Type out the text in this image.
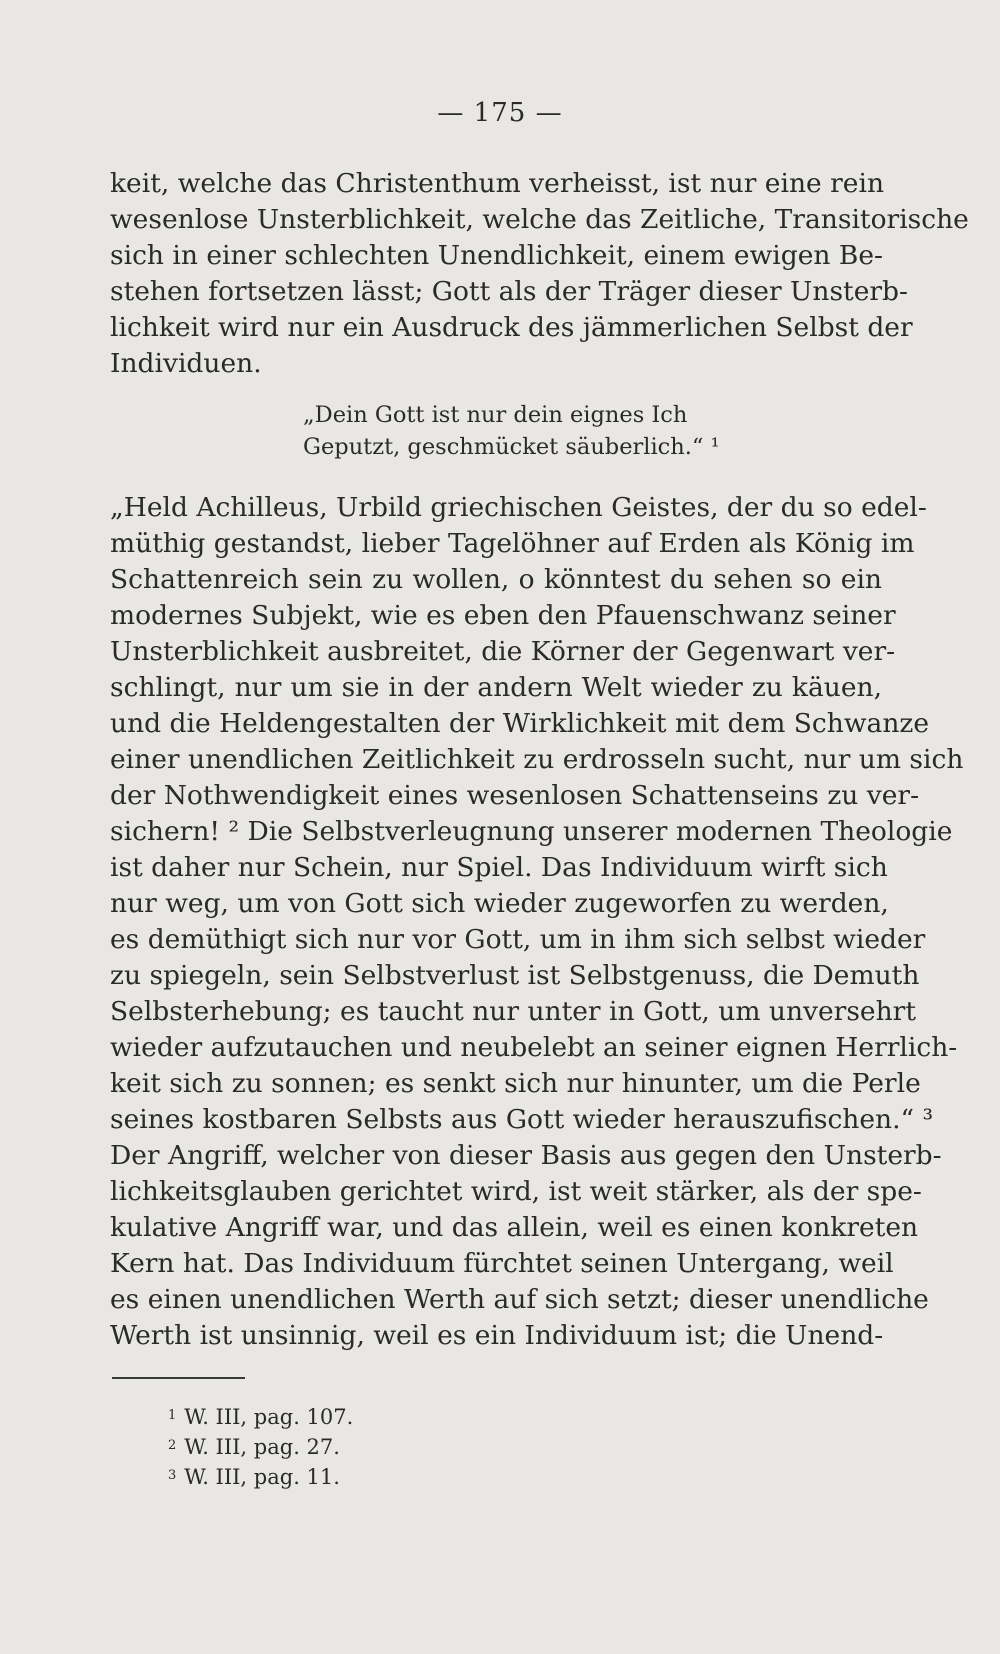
— 175 —
keit, welche das Christenthum verheisst, ist nur eine rein
wesenlose Unsterblichkeit, welche das Zeitliche, Transitorische
sich in einer schlechten Unendlichkeit, einem ewigen Be-
stehen fortsetzen lässt; Gott als der Träger dieser Unsterb-
lichkeit wird nur ein Ausdruck des jämmerlichen Selbst der
Individuen.
„Dein Gott ist nur dein eignes Ich
Geputzt, geschmücket säuberlich.“ ¹
„Held Achilleus, Urbild griechischen Geistes, der du so edel-
müthig gestandst, lieber Tagelöhner auf Erden als König im
Schattenreich sein zu wollen, o könntest du sehen so ein
modernes Subjekt, wie es eben den Pfauenschwanz seiner
Unsterblichkeit ausbreitet, die Körner der Gegenwart ver-
schlingt, nur um sie in der andern Welt wieder zu käuen,
und die Heldengestalten der Wirklichkeit mit dem Schwanze
einer unendlichen Zeitlichkeit zu erdrosseln sucht, nur um sich
der Nothwendigkeit eines wesenlosen Schattenseins zu ver-
sichern! ² Die Selbstverleugnung unserer modernen Theologie
ist daher nur Schein, nur Spiel. Das Individuum wirft sich
nur weg, um von Gott sich wieder zugeworfen zu werden,
es demüthigt sich nur vor Gott, um in ihm sich selbst wieder
zu spiegeln, sein Selbstverlust ist Selbstgenuss, die Demuth
Selbsterhebung; es taucht nur unter in Gott, um unversehrt
wieder aufzutauchen und neubelebt an seiner eignen Herrlich-
keit sich zu sonnen; es senkt sich nur hinunter, um die Perle
seines kostbaren Selbsts aus Gott wieder herauszufischen.“ ³
Der Angriff, welcher von dieser Basis aus gegen den Unsterb-
lichkeitsglauben gerichtet wird, ist weit stärker, als der spe-
kulative Angriff war, und das allein, weil es einen konkreten
Kern hat. Das Individuum fürchtet seinen Untergang, weil
es einen unendlichen Werth auf sich setzt; dieser unendliche
Werth ist unsinnig, weil es ein Individuum ist; die Unend-
$^1$ W. III, pag. 107.
$^2$ W. III, pag. 27.
$^3$ W. III, pag. 11.
